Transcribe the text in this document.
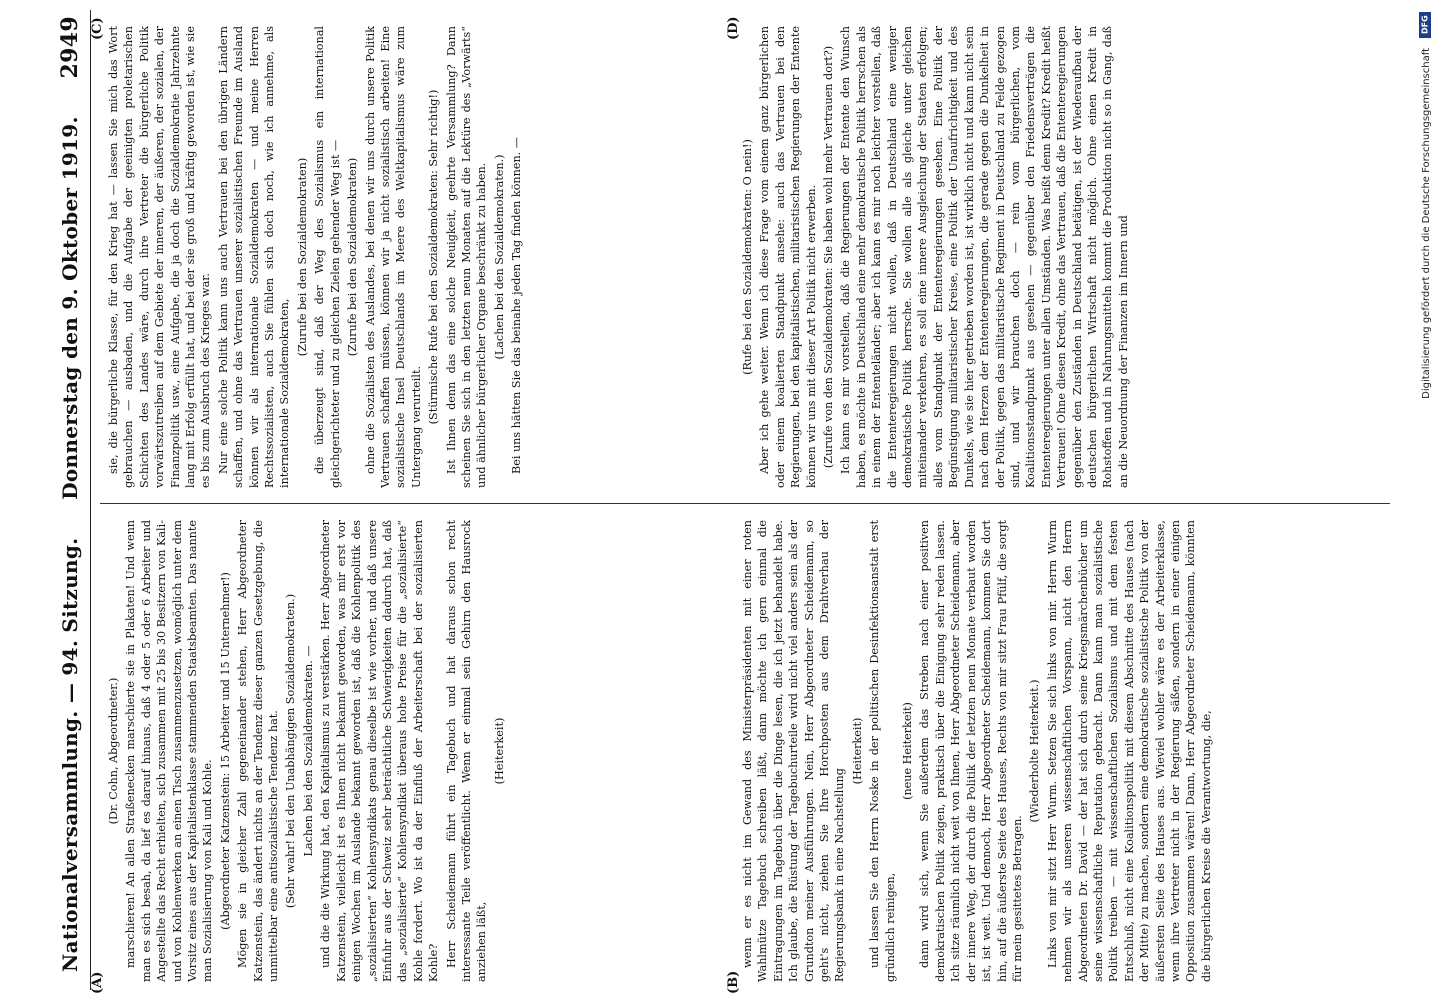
Nationalversammlung. — 94. Sitzung.
Donnerstag den 9. Oktober 1919.
2949
(A)	(B)
(C)	(D)

(Dr. Cohn, Abgeordneter.) marschieren! An allen Straßenecken marschierte sie in Plakaten! Und wenn man es sich besah, da lief es darauf hinaus, daß 4 oder 5 oder 6 Arbeiter und Angestellte das Recht erhielten, sich zusammen mit 25 bis 30 Besitzern von Kali- und von Kohlenwerken an einen Tisch zusammenzusetzen, womöglich unter dem Vorsitz eines aus der Kapitalistenklasse stammenden Staatsbeamten. Das nannte man Sozialisierung von Kali und Kohle. (Abgeordneter Katzenstein: 15 Arbeiter und 15 Unternehmer!) Mögen sie in gleicher Zahl gegeneinander stehen, Herr Abgeordneter Katzenstein, das ändert nichts an der Tendenz dieser ganzen Gesetzgebung, die unmittelbar eine antisozialistische Tendenz hat. (Sehr wahr! bei den Unabhängigen Sozialdemokraten.) Lachen bei den Sozialdemokraten. — und die die Wirkung hat, den Kapitalismus zu verstärken. Herr Abgeordneter Katzenstein, vielleicht ist es Ihnen nicht bekannt geworden, was mir erst vor einigen Wochen im Auslande bekannt geworden ist, daß die Kohlenpolitik des „sozialisierten“ Kohlensyndikats genau dieselbe ist wie vorher, und daß unsere Einfuhr aus der Schweiz sehr beträchtliche Schwierigkeiten dadurch hat, daß das „sozialisierte“ Kohlensyndikat überaus hohe Preise für die „sozialisierte“ Kohle fordert. Wo ist da der Einfluß der Arbeiterschaft bei der sozialisierten Kohle? Herr Scheidemann führt ein Tagebuch und hat daraus schon recht interessante Teile veröffentlicht. Wenn er einmal sein Gehirn den Hausrock anziehen läßt,

(Heiterkeit)	wenn er es nicht im Gewand des Ministerpräsidenten mit einer roten Wahlmütze Tagebuch schreiben läßt, dann möchte ich gern einmal die Eintragungen im Tagebuch über die Dinge lesen, die ich jetzt behandelt habe. Ich glaube, die Rüstung der Tagebuchurteile wird nicht viel anders sein als der Grundton meiner Ausführungen. Nein, Herr Abgeordneter Scheidemann, so geht's nicht, ziehen Sie Ihre Horchposten aus dem Drahtverhau der Regierungsbank in eine Nachstellung

(Heiterkeit) und lassen Sie den Herrn Noske in der politischen Desinfektionsanstalt erst gründlich reinigen,

(neue Heiterkeit) dann wird sich, wenn Sie außerdem das Streben nach einer positiven demokratischen Politik zeigen, praktisch über die Einigung sehr reden lassen. Ich sitze räumlich nicht weit von Ihnen, Herr Abgeordneter Scheidemann, aber der innere Weg, der durch die Politik der letzten neun Monate verbaut worden ist, ist weit. Und dennoch, Herr Abgeordneter Scheidemann, kommen Sie dort hin, auf die äußerste Seite des Hauses, Rechts von mir sitzt Frau Pfülf, die sorgt für mein gesittetes Betragen.

(Wiederholte Heiterkeit.) Links von mir sitzt Herr Wurm. Setzen Sie sich links von mir. Herrn Wurm nehmen wir als unseren wissenschaftlichen Vorspann, nicht den Herrn Abgeordneten Dr. David — der hat sich durch seine Kriegsmärchenbücher um seine wissenschaftliche Reputation gebracht. Dann kann man sozialistische Politik treiben — mit wissenschaftlichen Sozialismus und mit dem festen Entschluß, nicht eine Koalitionspolitik mit diesem Abschnitte des Hauses (nach der Mitte) zu machen, sondern eine demokratische sozialistische Politik von der äußersten Seite des Hauses aus. Wieviel wohler wäre es der Arbeiterklasse, wenn ihre Vertreter nicht in der Regierung säßen, sondern in einer einigen Opposition zusammen wären! Dann, Herr Abgeordneter Scheidemann, könnten die bürgerlichen Kreise die Verantwortung, die,

sie, die bürgerliche Klasse, für den Krieg hat — lassen Sie mich das Wort gebrauchen — ausbaden, und die Aufgabe der geeinigten proletarischen Schichten des Landes wäre, durch ihre Vertreter die bürgerliche Politik vorwärtszutreiben auf dem Gebiete der inneren, der äußeren, der sozialen, der Finanzpolitik usw., eine Aufgabe, die ja doch die Sozialdemokratie Jahrzehnte lang mit Erfolg erfüllt hat, und bei der sie groß und kräftig geworden ist, wie sie es bis zum Ausbruch des Krieges war. Nur eine solche Politik kann uns auch Vertrauen bei den übrigen Ländern schaffen, und ohne das Vertrauen unserer sozialistischen Freunde im Ausland können wir als internationale Sozialdemokraten — und meine Herren Rechtssozialisten, auch Sie fühlen sich doch noch, wie ich annehme, als internationale Sozialdemokraten,

(Zurufe bei den Sozialdemokraten) die überzeugt sind, daß der Weg des Sozialismus ein international gleichgerichteter und zu gleichen Zielen gehender Weg ist — (Zurufe bei den Sozialdemokraten) ohne die Sozialisten des Auslandes, bei denen wir uns durch unsere Politik Vertrauen schaffen müssen, können wir ja nicht sozialistisch arbeiten! Eine sozialistische Insel Deutschlands im Meere des Weltkapitalismus wäre zum Untergang verurteilt.

(Stürmische Rufe bei den Sozialdemokraten: Sehr richtig!) Ist Ihnen denn das eine solche Neuigkeit, geehrte Versammlung? Dann scheinen Sie sich in den letzten neun Monaten auf die Lektüre des „Vorwärts“ und ähnlicher bürgerlicher Organe beschränkt zu haben. (Lachen bei den Sozialdemokraten.) Bei uns hätten Sie das beinahe jeden Tag finden können. —	(Rufe bei den Sozialdemokraten: O nein!) Aber ich gehe weiter. Wenn ich diese Frage vom einem ganz bürgerlichen oder einem koalierten Standpunkt ansehe: auch das Vertrauen bei den Regierungen, bei den kapitalistischen, militaristischen Regierungen der Entente können wir uns mit dieser Art Politik nicht erwerben. (Zurufe von den Sozialdemokraten: Sie haben wohl mehr Vertrauen dort?) Ich kann es mir vorstellen, daß die Regierungen der Entente den Wunsch haben, es möchte in Deutschland eine mehr demokratische Politik herrschen als in einem der Ententeländer; aber ich kann es mir noch leichter vorstellen, daß die Ententeregierungen nicht wollen, daß in Deutschland eine weniger demokratische Politik herrsche. Sie wollen alle als gleiche unter gleichen miteinander verkehren, es soll eine innere Ausgleichung der Staaten erfolgen; alles vom Standpunkt der Ententeregierungen gesehen. Eine Politik der Begünstigung militaristischer Kreise, eine Politik der Unaufrichtigkeit und des Dunkels, wie sie hier getrieben worden ist, ist wirklich nicht und kann nicht sein nach dem Herzen der Ententeregierungen, die gerade gegen die Dunkelheit in der Politik, gegen das militaristische Regiment in Deutschland zu Felde gezogen sind, und wir brauchen doch — rein vom bürgerlichen, vom Koalitionsstandpunkt aus gesehen — gegenüber den Friedensverträgen die Ententeregierungen unter allen Umständen. Was heißt denn Kredit? Kredit heißt Vertrauen! Ohne diesen Kredit, ohne das Vertrauen, daß die Ententeregierungen gegenüber den Zuständen in Deutschland betätigen, ist der Wiederaufbau der deutschen bürgerlichen Wirtschaft nicht möglich. Ohne einen Kredit in Rohstoffen und in Nahrungsmitteln kommt die Produktion nicht so in Gang, daß an die Neuordnung der Finanzen im Innern und

DFG
Digitalisierung gefördert durch die Deutsche Forschungsgemeinschaft
